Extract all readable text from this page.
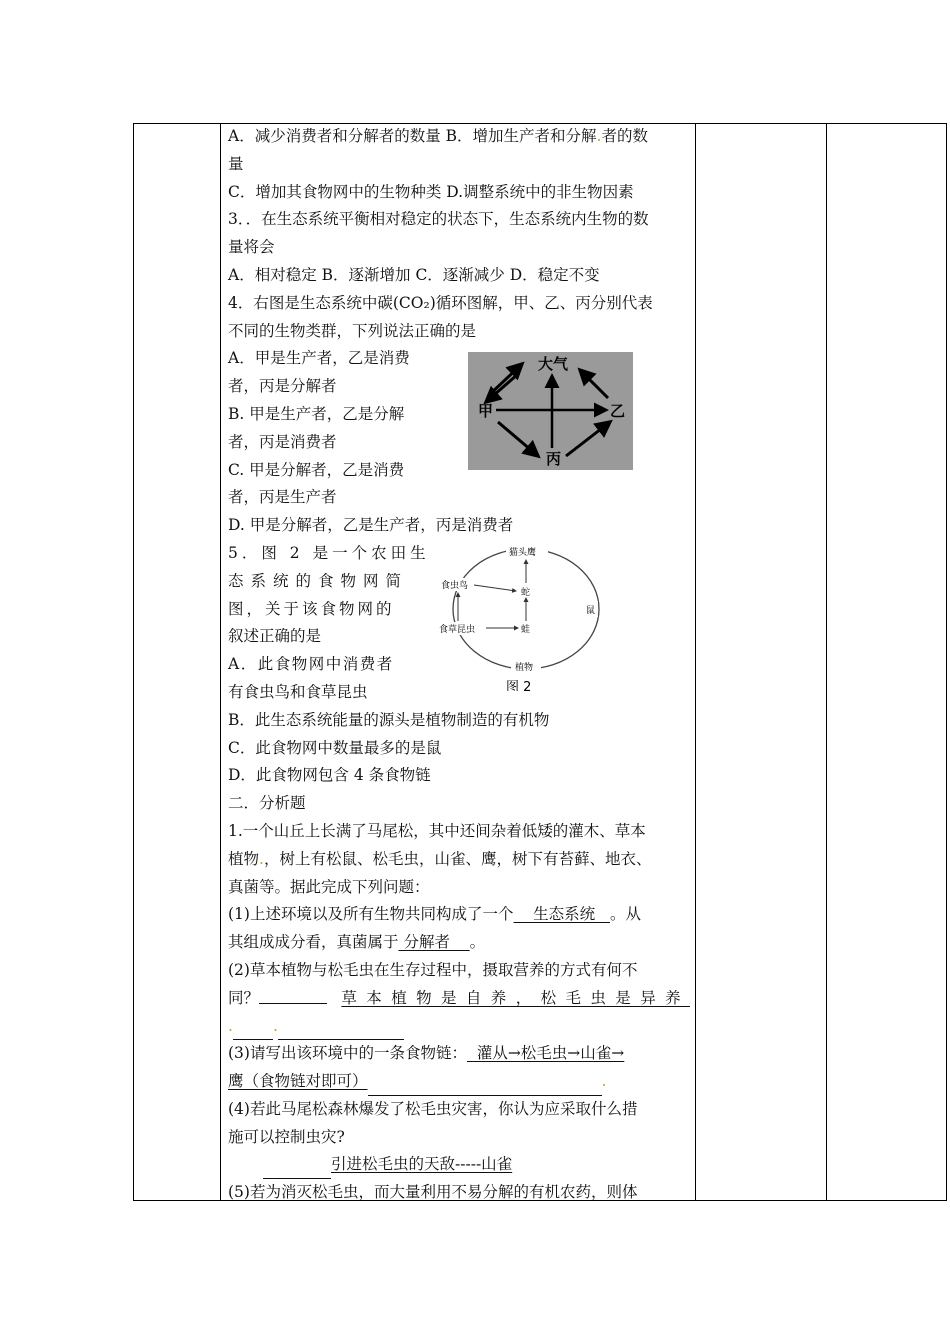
A．减少消费者和分解者的数量 B．增加生产者和分解.者的数
量
C．增加其食物网中的生物种类 D.调整系统中的非生物因素
3．．在生态系统平衡相对稳定的状态下，生态系统内生物的数
量将会
A．相对稳定 B．逐渐增加 C．逐渐减少 D．稳定不变
4．右图是生态系统中碳(CO₂)循环图解，甲、乙、丙分别代表
不同的生物类群，下列说法正确的是
A．甲是生产者，乙是消费
者，丙是分解者
B. 甲是生产者，乙是分解
者，丙是消费者
C. 甲是分解者，乙是消费
者，丙是生产者
D. 甲是分解者，乙是生产者，丙是消费者
5．图 2 是一个农田生
态系统的食物网简
图，关于该食物网的
叙述正确的是
A．此食物网中消费者
有食虫鸟和食草昆虫
B．此生态系统能量的源头是植物制造的有机物
C．此食物网中数量最多的是鼠
D．此食物网包含 4 条食物链
二．分析题
1.一个山丘上长满了马尾松，其中还间杂着低矮的灌木、草本
植物.，树上有松鼠、松毛虫，山雀、鹰，树下有苔藓、地衣、
真菌等。据此完成下列问题：
(1)上述环境以及所有生物共同构成了一个    生态系统   。从
其组成成分看，真菌属于 分解者    。
(2)草本植物与松毛虫在生存过程中，摄取营养的方式有何不
同？	草本植物是自养，松毛虫是异养
.	.
(3)请写出该环境中的一条食物链：  灌从→松毛虫→山雀→
鹰（食物链对即可）	.
(4)若此马尾松森林爆发了松毛虫灾害，你认为应采取什么措
施可以控制虫灾?
引进松毛虫的天敌-----山雀
(5)若为消灭松毛虫，而大量利用不易分解的有机农药，则体
大气
甲	乙
丙
猫头鹰
食虫鸟
蛇
食草昆虫	蛙
鼠
植物
图 2
